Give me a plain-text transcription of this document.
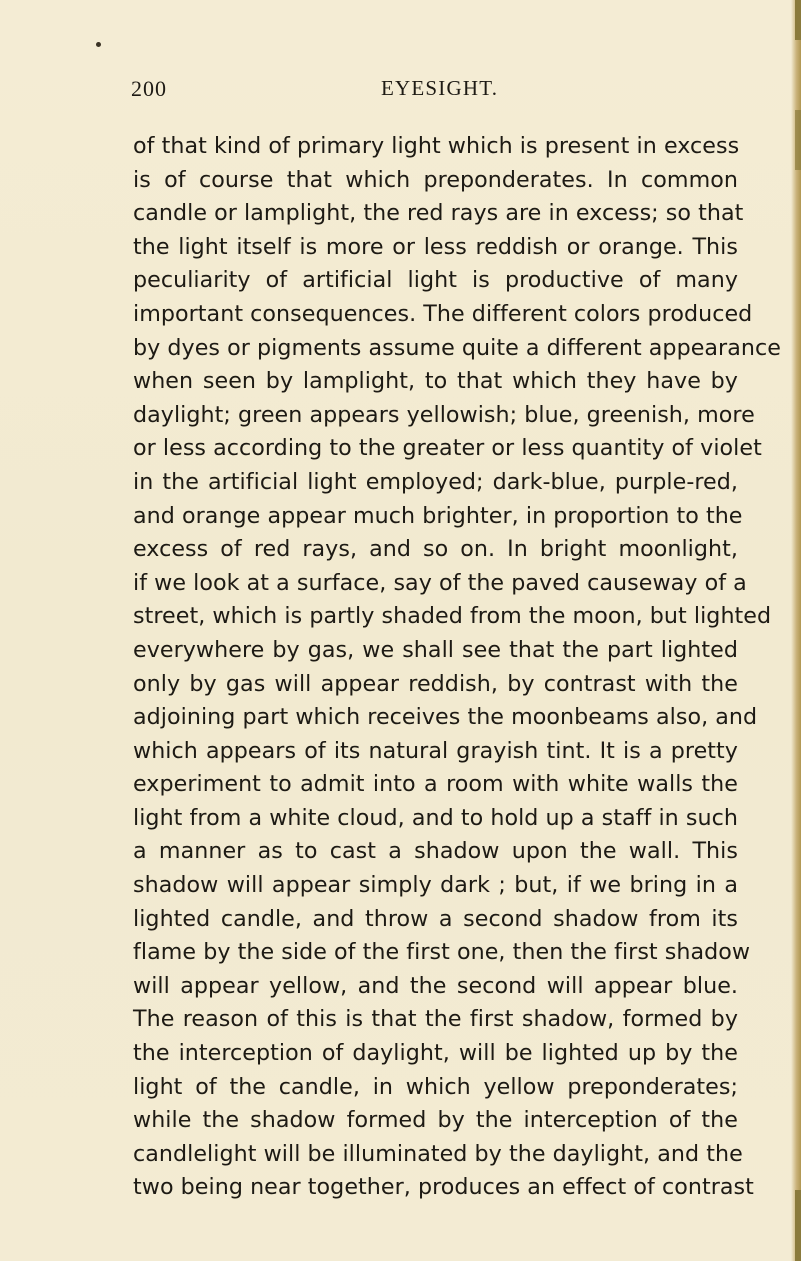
200	EYESIGHT.
of that kind of primary light which is present in excess
is of course that which preponderates. In common
candle or lamplight, the red rays are in excess; so that
the light itself is more or less reddish or orange. This
peculiarity of artificial light is productive of many
important consequences. The different colors produced
by dyes or pigments assume quite a different appearance
when seen by lamplight, to that which they have by
daylight; green appears yellowish; blue, greenish, more
or less according to the greater or less quantity of violet
in the artificial light employed; dark-blue, purple-red,
and orange appear much brighter, in proportion to the
excess of red rays, and so on. In bright moonlight,
if we look at a surface, say of the paved causeway of a
street, which is partly shaded from the moon, but lighted
everywhere by gas, we shall see that the part lighted
only by gas will appear reddish, by contrast with the
adjoining part which receives the moonbeams also, and
which appears of its natural grayish tint. It is a pretty
experiment to admit into a room with white walls the
light from a white cloud, and to hold up a staff in such
a manner as to cast a shadow upon the wall. This
shadow will appear simply dark ; but, if we bring in a
lighted candle, and throw a second shadow from its
flame by the side of the first one, then the first shadow
will appear yellow, and the second will appear blue.
The reason of this is that the first shadow, formed by
the interception of daylight, will be lighted up by the
light of the candle, in which yellow preponderates;
while the shadow formed by the interception of the
candlelight will be illuminated by the daylight, and the
two being near together, produces an effect of contrast
